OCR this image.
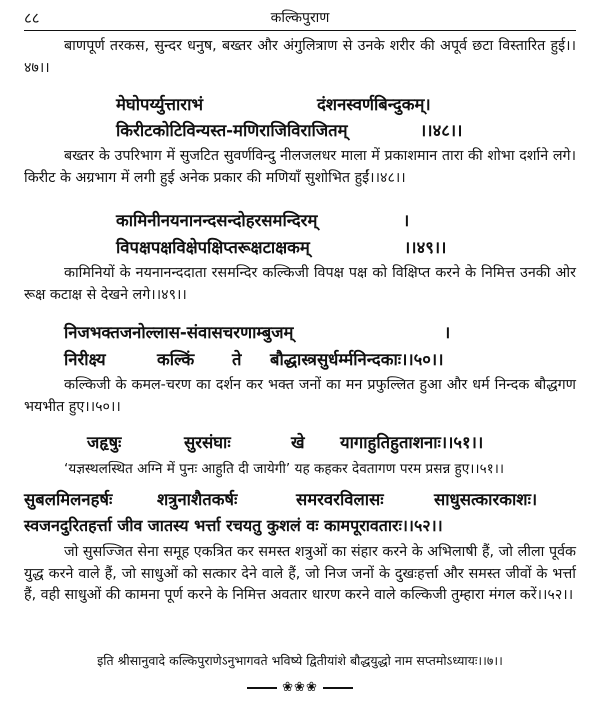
८८	कल्किपुराण

बाणपूर्ण तरकस, सुन्दर धनुष, बख्तर और अंगुलित्राण से उनके शरीर की अपूर्व छटा विस्तारित हुई।।४७।।

मेघोपर्य्युत्ताराभं	दंशनस्वर्णबिन्दुकम्।
किरीटकोटिविन्यस्त-मणिराजिविराजितम्	।।४८।।

बख्तर के उपरिभाग में सुजटित सुवर्णविन्दु नीलजलधर माला में प्रकाशमान तारा की शोभा दर्शाने लगे। किरीट के अग्रभाग में लगी हुई अनेक प्रकार की मणियाँ सुशोभित हुईं।।४८।।

कामिनीनयनानन्दसन्दोहरसमन्दिरम्	।
विपक्षपक्षविक्षेपक्षिप्तरूक्षटाक्षकम्	।।४९।।

कामिनियों के नयनानन्ददाता रसमन्दिर कल्किजी विपक्ष पक्ष को विक्षिप्त करने के निमित्त उनकी ओर रूक्ष कटाक्ष से देखने लगे।।४९।।

निजभक्तजनोल्लास-संवासचरणाम्बुजम्	।
निरीक्ष्य	कल्किं ते बौद्धास्त्रसुर्धर्म्मनिन्दकाः।।५०।।

कल्किजी के कमल-चरण का दर्शन कर भक्त जनों का मन प्रफुल्लित हुआ और धर्म निन्दक बौद्धगण भयभीत हुए।।५०।।

जहृषुः	सुरसंघाः	खे यागाहुतिहुताशनाः।।५१।।

‘यज्ञस्थलस्थित अग्नि में पुनः आहुति दी जायेगी’ यह कहकर देवतागण परम प्रसन्न हुए।।५१।।

सुबलमिलनहर्षः	शत्रुनाशैतकर्षः	समरवरविलासः	साधुसत्कारकाशः।
स्वजनदुरितहर्त्ता जीव जातस्य भर्त्ता रचयतु कुशलं वः कामपूरावतारः।।५२।।

जो सुसज्जित सेना समूह एकत्रित कर समस्त शत्रुओं का संहार करने के अभिलाषी हैं, जो लीला पूर्वक युद्ध करने वाले हैं, जो साधुओं को सत्कार देने वाले हैं, जो निज जनों के दुखःहर्त्ता और समस्त जीवों के भर्त्ता हैं, वही साधुओं की कामना पूर्ण करने के निमित्त अवतार धारण करने वाले कल्किजी तुम्हारा मंगल करें।।५२।।

इति श्रीसानुवादे कल्किपुराणेऽनुभागवते भविष्ये द्वितीयांशे बौद्धयुद्धो नाम सप्तमोऽध्यायः।।७।।
❀❀❀
